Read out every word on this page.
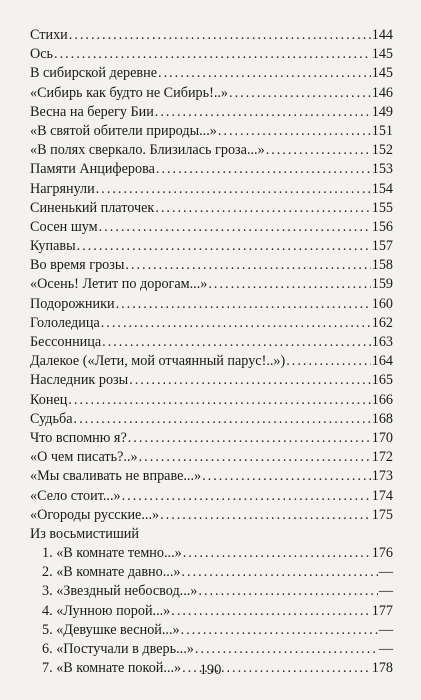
Стихи .....	144
Ось .....	145
В сибирской деревне .....	145
«Сибирь как будто не Сибирь!..» .....	146
Весна на берегу Бии .....	149
«В святой обители природы...» .....	151
«В полях сверкало. Близилась гроза...» .....	152
Памяти Анциферова .....	153
Нагрянули .....	154
Синенький платочек .....	155
Сосен шум .....	156
Купавы .....	157
Во время грозы .....	158
«Осень! Летит по дорогам...» .....	159
Подорожники .....	160
Гололедица .....	162
Бессонница .....	163
Далекое («Лети, мой отчаянный парус!..») .....	164
Наследник розы .....	165
Конец .....	166
Судьба .....	168
Что вспомню я? .....	170
«О чем писать?..» .....	172
«Мы сваливать не вправе...» .....	173
«Село стоит...» .....	174
«Огороды русские...» .....	175
Из восьмистиший
1. «В комнате темно...» .....	176
2. «В комнате давно...» .....	—
3. «Звездный небосвод...» .....	—
4. «Лунною порой...» .....	177
5. «Девушке весной...» .....	—
6. «Постучали в дверь...» .....	—
7. «В комнате покой...» .....	178
190
